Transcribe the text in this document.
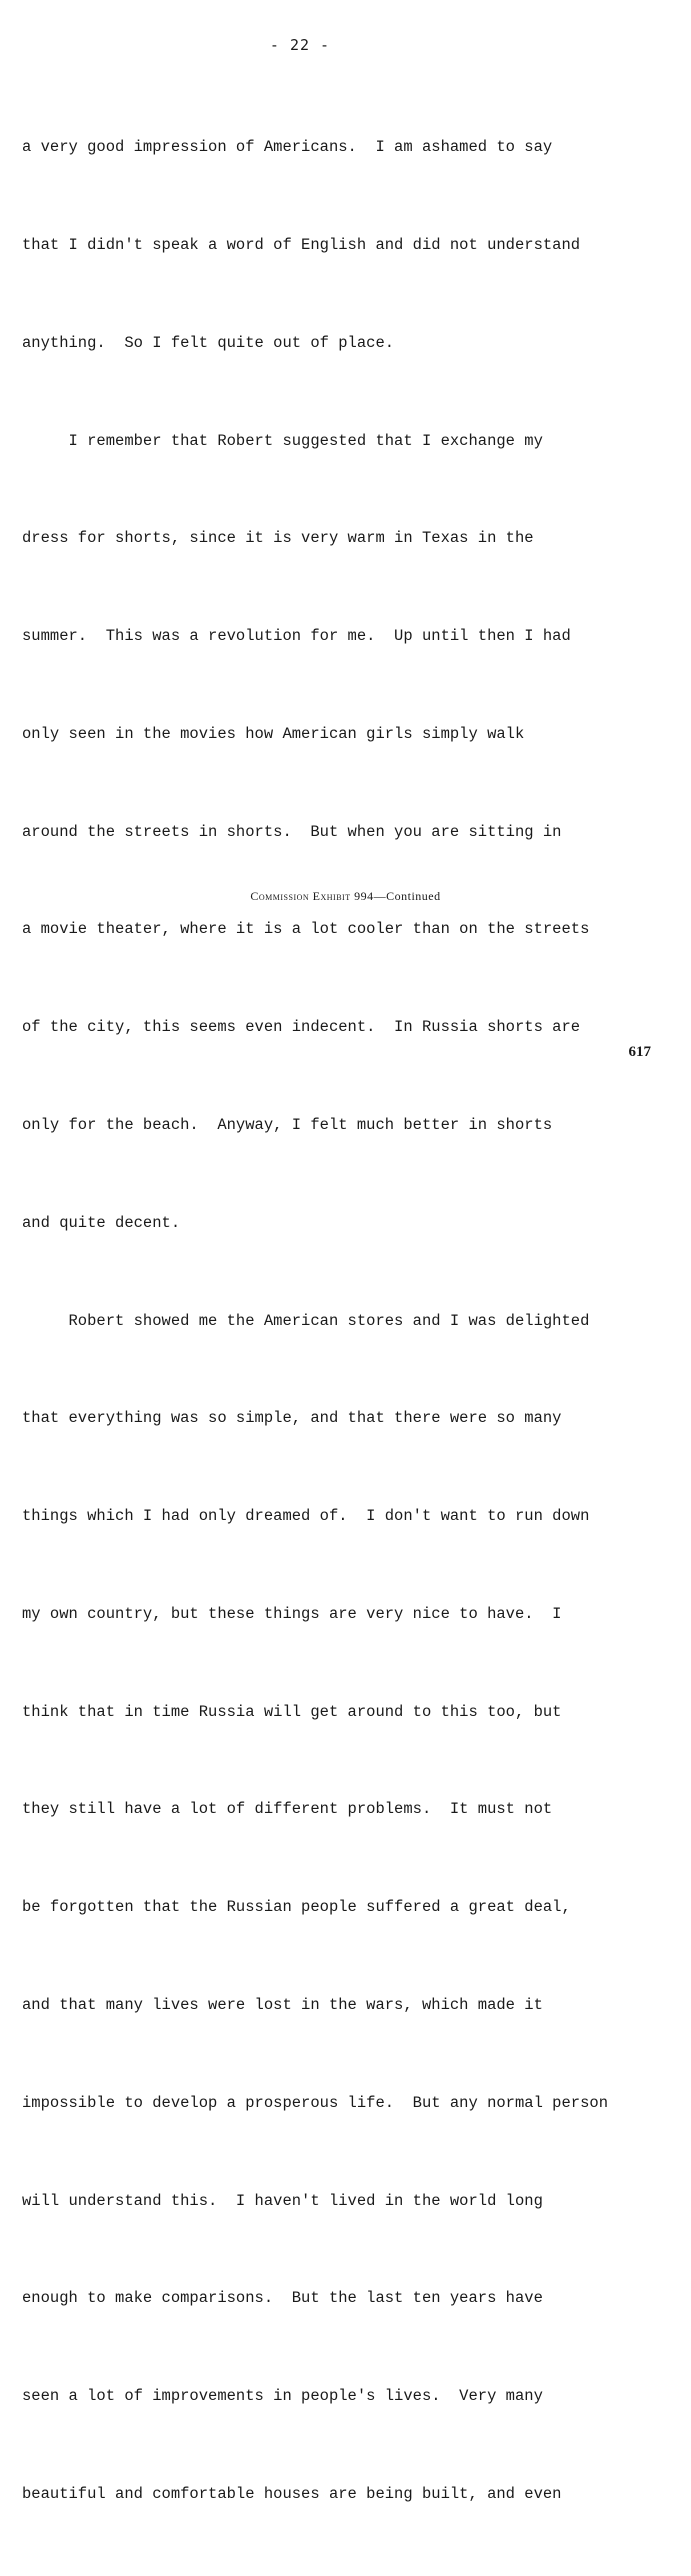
- 22 -

a very good impression of Americans.  I am ashamed to say

that I didn't speak a word of English and did not understand

anything.  So I felt quite out of place.

I remember that Robert suggested that I exchange my

dress for shorts, since it is very warm in Texas in the

summer.  This was a revolution for me.  Up until then I had

only seen in the movies how American girls simply walk

around the streets in shorts.  But when you are sitting in

a movie theater, where it is a lot cooler than on the streets

of the city, this seems even indecent.  In Russia shorts are

only for the beach.  Anyway, I felt much better in shorts

and quite decent.

Robert showed me the American stores and I was delighted

that everything was so simple, and that there were so many

things which I had only dreamed of.  I don't want to run down

my own country, but these things are very nice to have.  I

think that in time Russia will get around to this too, but

they still have a lot of different problems.  It must not

be forgotten that the Russian people suffered a great deal,

and that many lives were lost in the wars, which made it

impossible to develop a prosperous life.  But any normal person

will understand this.  I haven't lived in the world long

enough to make comparisons.  But the last ten years have

seen a lot of improvements in people's lives.  Very many

beautiful and comfortable houses are being built, and even

Commission Exhibit 994—Continued
617
